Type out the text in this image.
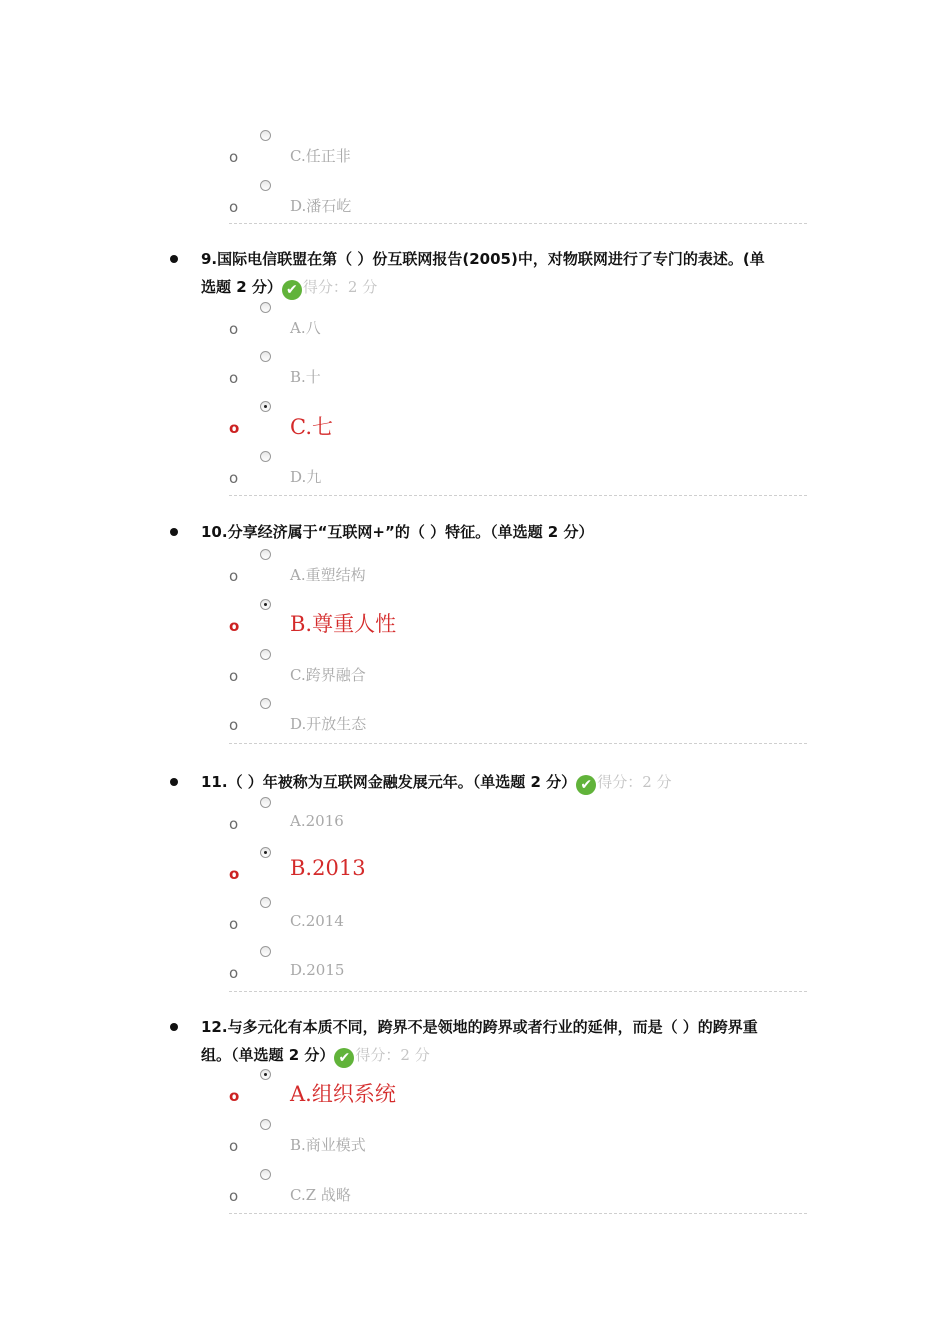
o	C.任正非
o	D.潘石屹
9.国际电信联盟在第（ ）份互联网报告(2005)中，对物联网进行了专门的表述。(单
选题 2 分） ✔ 得分：2 分
o	A.八
o	B.十
o C.七
o	D.九
10.分享经济属于“互联网+”的（ ）特征。（单选题 2 分）
o	A.重塑结构
o B.尊重人性
o	C.跨界融合
o	D.开放生态
11.（ ）年被称为互联网金融发展元年。（单选题 2 分） ✔ 得分：2 分
o	A.2016
o B.2013
o	C.2014
o	D.2015
12.与多元化有本质不同，跨界不是领地的跨界或者行业的延伸，而是（ ）的跨界重
组。（单选题 2 分） ✔ 得分：2 分
o A.组织系统
o	B.商业模式
o	C.Z 战略
